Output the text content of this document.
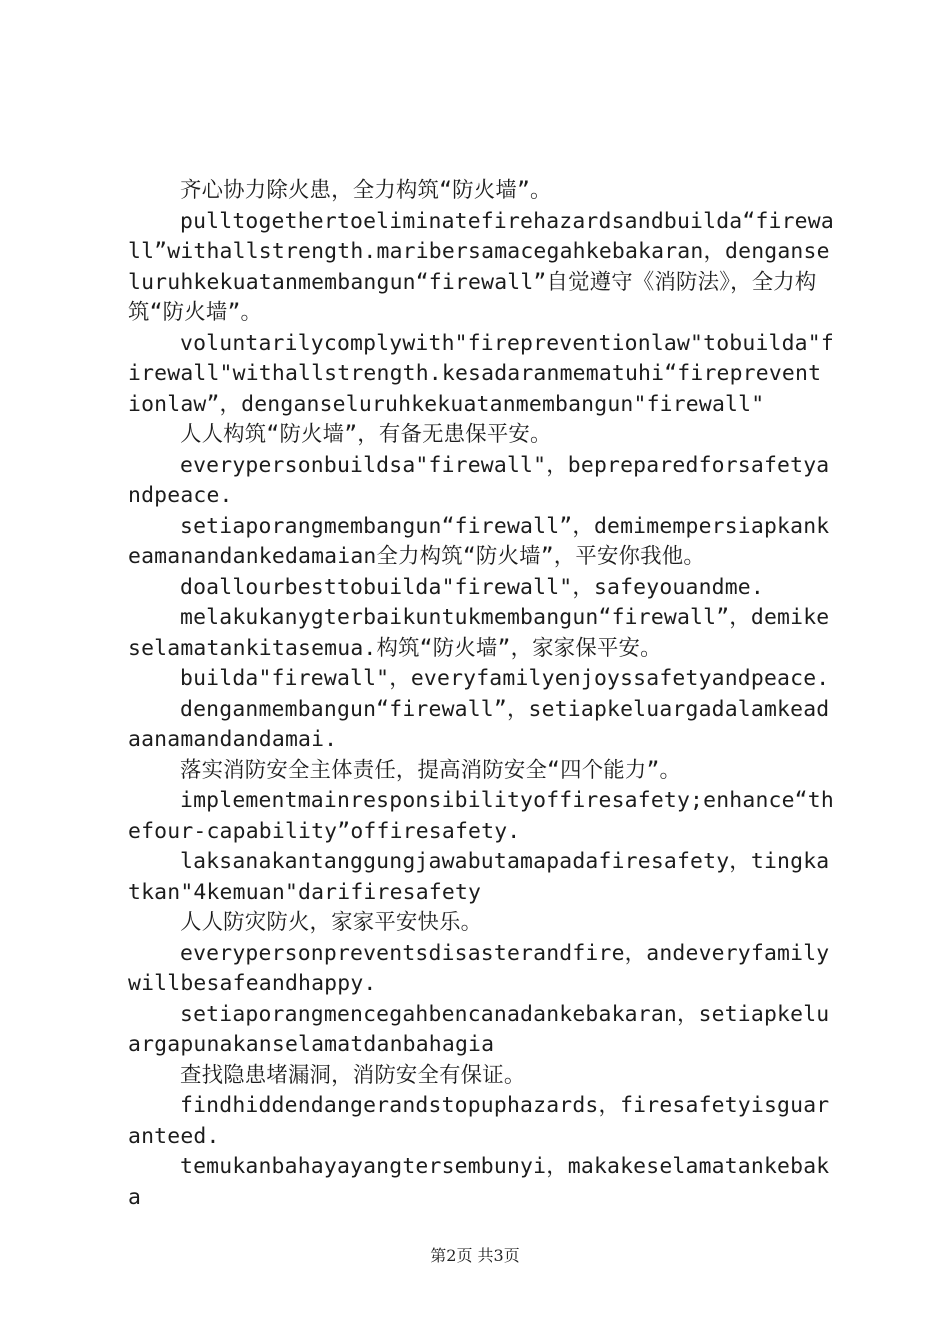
齐心协力除火患，全力构筑“防火墙”。

pulltogethertoeliminatefirehazardsandbuilda“firewall”withallstrength.maribersamacegahkebakaran，denganseluruhkekuatanmembangun“firewall”自觉遵守《消防法》，全力构筑“防火墙”。

voluntarilycomplywith"firepreventionlaw"tobuilda"firewall"withallstrength.kesadaranmematuhi“firepreventionlaw”，denganseluruhkekuatanmembangun"firewall"

人人构筑“防火墙”，有备无患保平安。

everypersonbuildsa"firewall"，bepreparedforsafetyandpeace.

setiaporangmembangun“firewall”，demimempersiapkankeamanandankedamaian全力构筑“防火墙”，平安你我他。

doallourbesttobuilda"firewall"，safeyouandme.

melakukanygterbaikuntukmembangun“firewall”，demikeselamatankitasemua.构筑“防火墙”，家家保平安。

builda"firewall"，everyfamilyenjoyssafetyandpeace.

denganmembangun“firewall”，setiapkeluargadalamkeadaanamandandamai.

落实消防安全主体责任，提高消防安全“四个能力”。

implementmainresponsibilityoffiresafety;enhance“thefour-capability”offiresafety.

laksanakantanggungjawabutamapadafiresafety，tingkatkan"4kemuan"darifiresafety

人人防灾防火，家家平安快乐。

everypersonpreventsdisasterandfire，andeveryfamilywillbesafeandhappy.

setiaporangmencegahbencanadankebakaran，setiapkeluargapunakanselamatdanbahagia

查找隐患堵漏洞，消防安全有保证。

findhiddendangerandstopuphazards，firesafetyisguaranteed.

temukanbahayayangtersembunyi，makakeselamatankebaka

第2页 共3页
